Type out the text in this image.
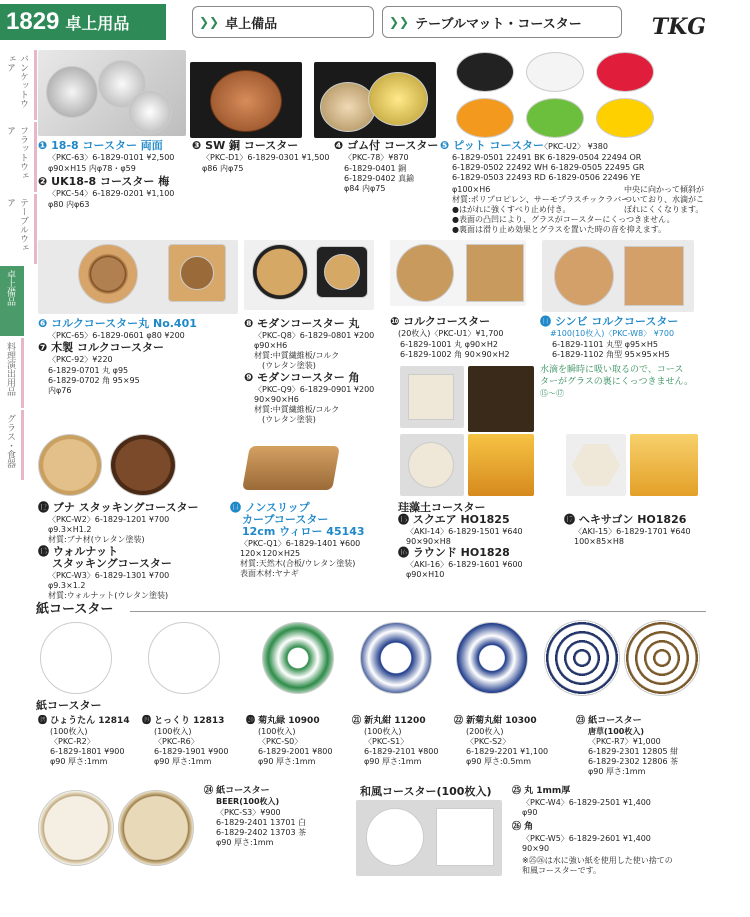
1829 卓上用品	❯❯ 卓上備品	❯❯ テーブルマット・コースター	TKG
バンケットウェア
フラットウェア
テーブルウェア
卓上備品
料理演出用品
グラス・食器
❶ 18-8 コースター 両面
〈PKC-63〉6-1829-0101 ¥2,500
φ90×H15 内φ78・φ59
❷ UK18-8 コースター 梅
〈PKC-54〉6-1829-0201 ¥1,100
φ80 内φ63
❸ SW 銅 コースター
〈PKC-D1〉6-1829-0301 ¥1,500
φ86 内φ75
❹ ゴム付 コースター
〈PKC-78〉¥870
6-1829-0401 銅
6-1829-0402 真鍮
φ84 内φ75
❺ ピット コースター
〈PKC-U2〉 ¥380
6-1829-0501 22491 BK 6-1829-0504 22494 OR
6-1829-0502 22492 WH 6-1829-0505 22495 GR
6-1829-0503 22493 RD 6-1829-0506 22496 YE
φ100×H6
材質:ポリプロピレン、サーモプラスチックラバー
●はがれに強くすべり止め付き。
●表面の凸凹により、グラスがコースターにくっつきません。
●裏面は滑り止め効果とグラスを置いた時の音を抑えます。
中央に向かって傾斜が
ついており、水滴がこ
ぼれにくくなります。
❻ コルクコースター丸 No.401
〈PKC-65〉6-1829-0601 φ80 ¥200
❼ 木製 コルクコースター
〈PKC-92〉¥220
6-1829-0701 丸 φ95
6-1829-0702 角 95×95
内φ76
❽ モダンコースター 丸
〈PKC-Q8〉6-1829-0801 ¥200
φ90×H6
材質:中質繊維板/コルク
(ウレタン塗装)
❾ モダンコースター 角
〈PKC-Q9〉6-1829-0901 ¥200
90×90×H6
材質:中質繊維板/コルク
(ウレタン塗装)
❿ コルクコースター
(20枚入)〈PKC-U1〉¥1,700
6-1829-1001 丸 φ90×H2
6-1829-1002 角 90×90×H2
⓫ シンビ コルクコースター
#100(10枚入)〈PKC-W8〉 ¥700
6-1829-1101 丸型 φ95×H5
6-1829-1102 角型 95×95×H5
水滴を瞬時に吸い取るので、コース
ターがグラスの裏にくっつきません。
⑮〜⑰
⓬ ブナ スタッキングコースター
〈PKC-W2〉6-1829-1201 ¥700
φ9.3×H1.2
材質:ブナ材(ウレタン塗装)
⓭ ウォルナット
スタッキングコースター
〈PKC-W3〉6-1829-1301 ¥700
φ9.3×1.2
材質:ウォルナット(ウレタン塗装)
⓮ ノンスリップ
カーブコースター
12cm ウィロー 45143
〈PKC-Q1〉6-1829-1401 ¥600
120×120×H25
材質:天然木(合板/ウレタン塗装)
表面木材:ヤナギ
珪藻土コースター
⓯ スクエア HO1825
〈AKI-14〉6-1829-1501 ¥640
90×90×H8
⓰ ラウンド HO1828
〈AKI-16〉6-1829-1601 ¥600
φ90×H10
⓱ ヘキサゴン HO1826
〈AKI-15〉6-1829-1701 ¥640
100×85×H8
紙コースター
紙コースター
⓲ ひょうたん 12814
(100枚入)
〈PKC-R2〉
6-1829-1801 ¥900
φ90 厚さ:1mm
⓳ とっくり 12813
(100枚入)
〈PKC-R6〉
6-1829-1901 ¥900
φ90 厚さ:1mm
⓴ 菊丸緑 10900
(100枚入)
〈PKC-S0〉
6-1829-2001 ¥800
φ90 厚さ:1mm
㉑ 新丸紺 11200
(100枚入)
〈PKC-S1〉
6-1829-2101 ¥800
φ90 厚さ:1mm
㉒ 新菊丸紺 10300
(200枚入)
〈PKC-S2〉
6-1829-2201 ¥1,100
φ90 厚さ:0.5mm
㉓ 紙コースター
唐草(100枚入)
〈PKC-R7〉¥1,000
6-1829-2301 12805 紺
6-1829-2302 12806 茶
φ90 厚さ:1mm
㉔ 紙コースター
BEER(100枚入)
〈PKC-S3〉¥900
6-1829-2401 13701 白
6-1829-2402 13703 茶
φ90 厚さ:1mm
和風コースター(100枚入) ㉕ 丸 1mm厚
〈PKC-W4〉6-1829-2501 ¥1,400
φ90
㉖ 角
〈PKC-W5〉6-1829-2601 ¥1,400
90×90
※㉕㉖は水に強い紙を使用した使い捨ての
和風コースターです。
